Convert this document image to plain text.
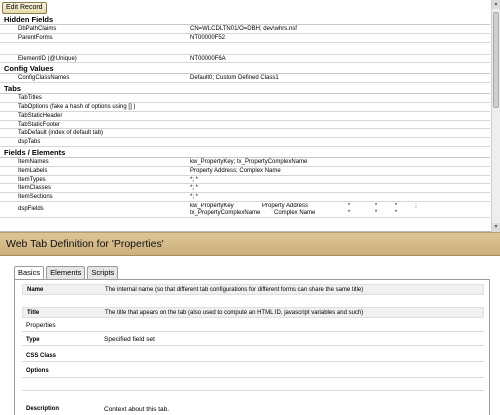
Edit Record
Hidden Fields
DbPathClaims	CN=WLCDLTN01/O=DBH; dev\whrs.nsf
ParentForms	NT00000F52
ElementID (@Unique)	NT00000F6A
Config Values
ConfigClassNames	Default0; Custom Defined Class1
Tabs
TabTitles
TabOptions (fake a hash of options using [] )
TabStaticHeader
TabStaticFooter
TabDefault (index of default tab)
dspTabs
Fields / Elements
ItemNames	kw_PropertyKey; tx_PropertyComplexName
ItemLabels	Property Address; Complex Name
ItemTypes	*; *
ItemClasses	*; *
ItemSections	*; *
dspFields	kw_PropertyKey	Property Address	*	*	*	;
tx_PropertyComplexName	Complex Name	*	*	*
▲
▼
Web Tab Definition for 'Properties'
Basics	Elements	Scripts
Name	The internal name (so that different tab configurations for different forms can share the same title)
Title	The title that apears on the tab (also used to compute an HTML ID, javascript variables and such)
Properties
Type	Specified field set
CSS Class
Options
Description	Context about this tab.
